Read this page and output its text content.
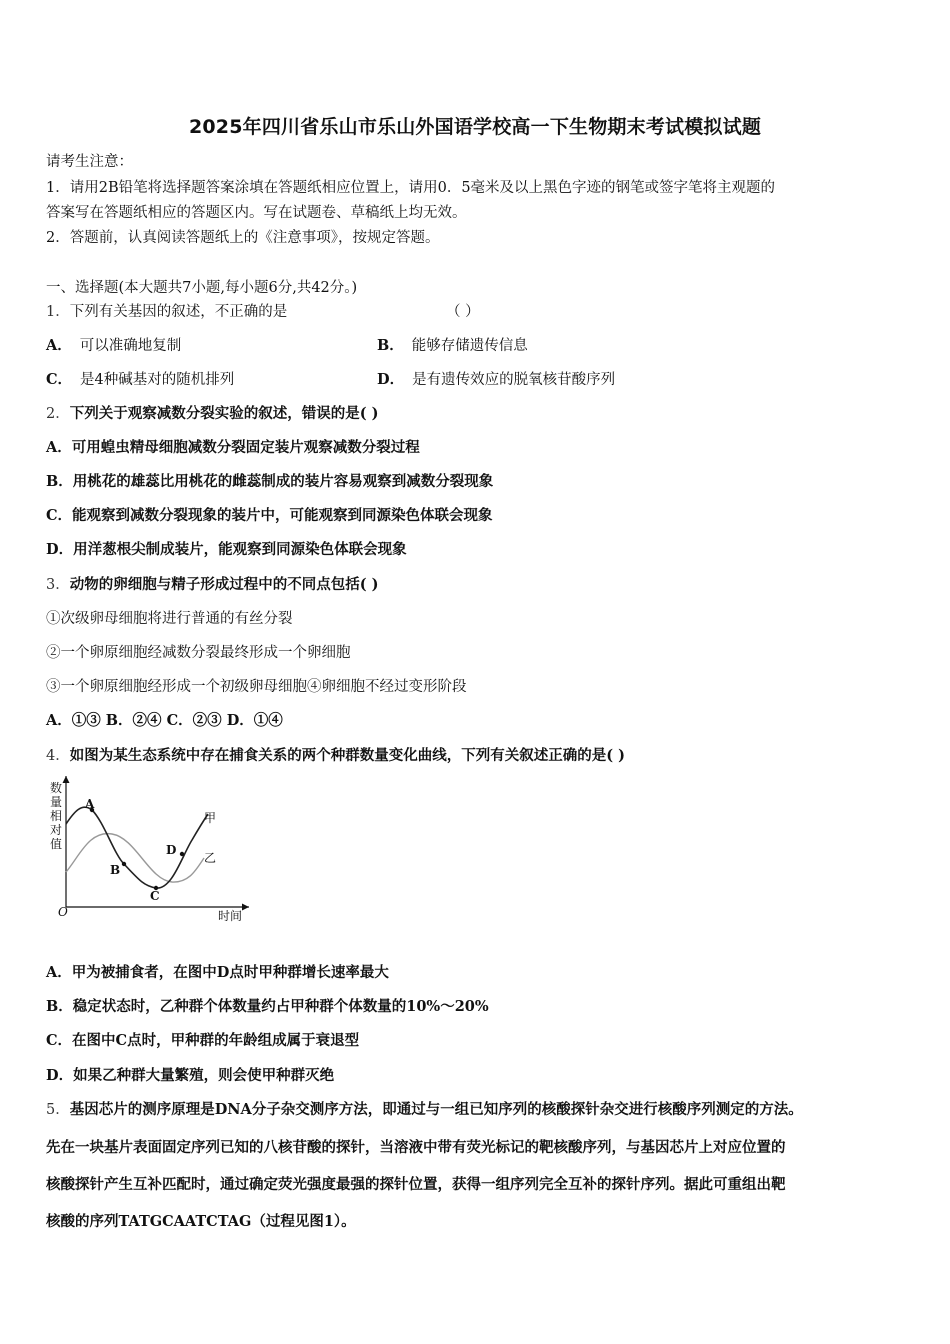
2025年四川省乐山市乐山外国语学校高一下生物期末考试模拟试题
请考生注意：
1．请用2B铅笔将选择题答案涂填在答题纸相应位置上，请用0．5毫米及以上黑色字迹的钢笔或签字笔将主观题的
答案写在答题纸相应的答题区内。写在试题卷、草稿纸上均无效。
2．答题前，认真阅读答题纸上的《注意事项》，按规定答题。
一、选择题(本大题共7小题,每小题6分,共42分。)
1．下列有关基因的叙述，不正确的是	（ ）
A． 可以准确地复制	B． 能够存储遗传信息
C． 是4种碱基对的随机排列	D． 是有遗传效应的脱氧核苷酸序列
2．下列关于观察减数分裂实验的叙述，错误的是( )
A．可用蝗虫精母细胞减数分裂固定装片观察减数分裂过程
B．用桃花的雄蕊比用桃花的雌蕊制成的装片容易观察到减数分裂现象
C．能观察到减数分裂现象的装片中，可能观察到同源染色体联会现象
D．用洋葱根尖制成装片，能观察到同源染色体联会现象
3．动物的卵细胞与精子形成过程中的不同点包括( )
①次级卵母细胞将进行普通的有丝分裂
②一个卵原细胞经减数分裂最终形成一个卵细胞
③一个卵原细胞经形成一个初级卵母细胞④卵细胞不经过变形阶段
A．①③ B．②④ C．②③ D．①④
4．如图为某生态系统中存在捕食关系的两个种群数量变化曲线，下列有关叙述正确的是( )
数
量
相
对
值
O	时间
A
B
C
D
甲
乙
A．甲为被捕食者，在图中D点时甲种群增长速率最大
B．稳定状态时，乙种群个体数量约占甲种群个体数量的10%～20%
C．在图中C点时，甲种群的年龄组成属于衰退型
D．如果乙种群大量繁殖，则会使甲种群灭绝
5．基因芯片的测序原理是DNA分子杂交测序方法，即通过与一组已知序列的核酸探针杂交进行核酸序列测定的方法。
先在一块基片表面固定序列已知的八核苷酸的探针，当溶液中带有荧光标记的靶核酸序列，与基因芯片上对应位置的
核酸探针产生互补匹配时，通过确定荧光强度最强的探针位置，获得一组序列完全互补的探针序列。据此可重组出靶
核酸的序列TATGCAATCTAG（过程见图1）。
